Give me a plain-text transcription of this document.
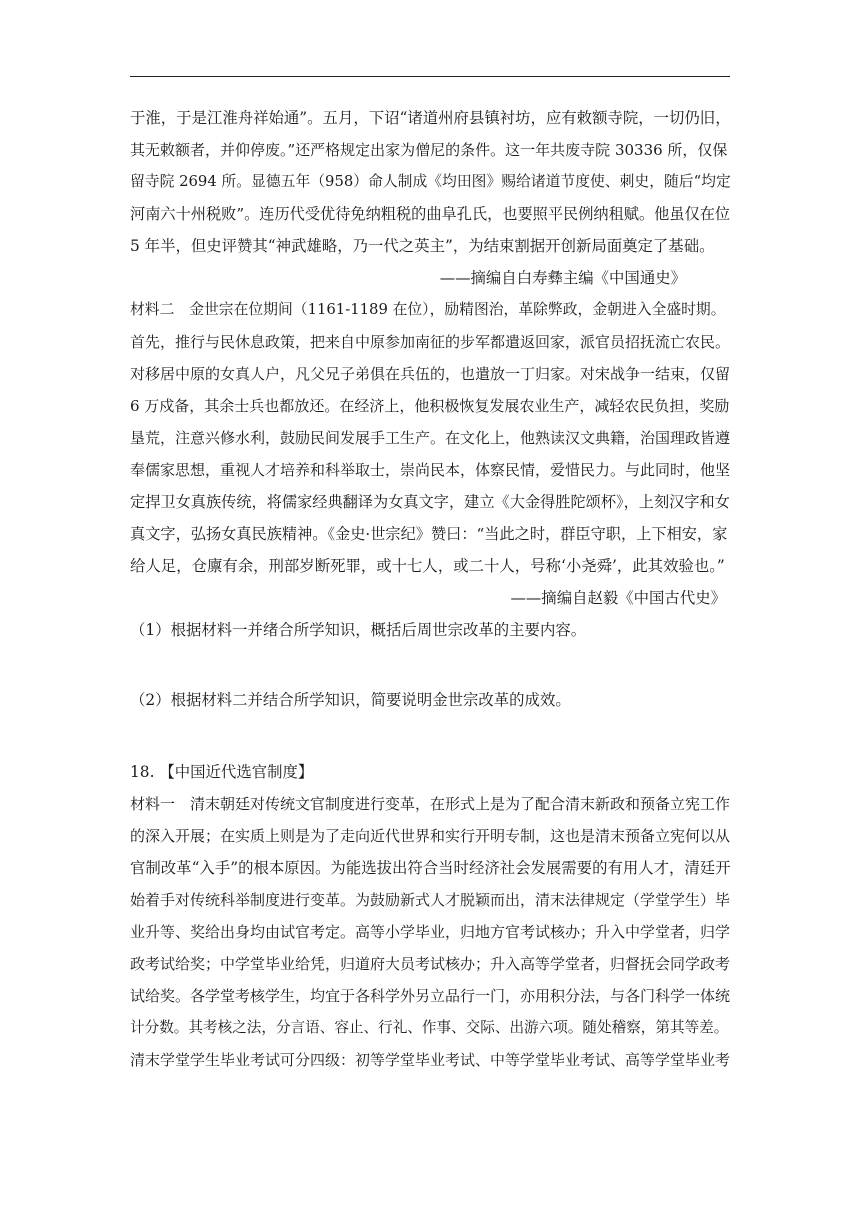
于淮，于是江淮舟祥始通”。五月，下诏“诸道州府县镇衬坊，应有敕额寺院，一切仍旧，
其无敕额者，并仰停废。”还严格规定出家为僧尼的条件。这一年共废寺院 30336 所，仅保
留寺院 2694 所。显德五年（958）命人制成《均田图》赐给诸道节度使、刺史，随后“均定
河南六十州税败”。连历代受优待免纳粗税的曲阜孔氏，也要照平民例纳租赋。他虽仅在位
5 年半，但史评赞其“神武雄略，乃一代之英主”，为结束割据开创新局面奠定了基础。
——摘编自白寿彝主编《中国通史》
材料二　金世宗在位期间（1161-1189 在位），励精图治，革除弊政，金朝进入全盛时期。
首先，推行与民休息政策，把来自中原参加南征的步军都遣返回家，派官员招抚流亡农民。
对移居中原的女真人户，凡父兄子弟俱在兵伍的，也遣放一丁归家。对宋战争一结束，仅留
6 万戍备，其余士兵也都放还。在经济上，他积极恢复发展农业生产，减轻农民负担，奖励
垦荒，注意兴修水利，鼓励民间发展手工生产。在文化上，他熟读汉文典籍，治国理政皆遵
奉儒家思想，重视人才培养和科举取士，崇尚民本，体察民情，爱惜民力。与此同时，他坚
定捍卫女真族传统，将儒家经典翻译为女真文字，建立《大金得胜陀颂杯》，上刻汉字和女
真文字，弘扬女真民族精神。《金史·世宗纪》赞曰：“当此之时，群臣守职，上下相安，家
给人足，仓廪有余，刑部岁断死罪，或十七人，或二十人，号称‘小尧舜’，此其效验也。”
——摘编自赵毅《中国古代史》
（1）根据材料一并绪合所学知识，概括后周世宗改革的主要内容。
（2）根据材料二并结合所学知识，简要说明金世宗改革的成效。
18. 【中国近代选官制度】
材料一　清末朝廷对传统文官制度进行变革，在形式上是为了配合清末新政和预备立宪工作
的深入开展；在实质上则是为了走向近代世界和实行开明专制，这也是清末预备立宪何以从
官制改革“入手”的根本原因。为能选拔出符合当时经济社会发展需要的有用人才，清廷开
始着手对传统科举制度进行变革。为鼓励新式人才脱颖而出，清末法律规定（学堂学生）毕
业升等、奖给出身均由试官考定。高等小学毕业，归地方官考试核办；升入中学堂者，归学
政考试给奖；中学堂毕业给凭，归道府大员考试核办；升入高等学堂者，归督抚会同学政考
试给奖。各学堂考核学生，均宜于各科学外另立品行一门，亦用积分法，与各门科学一体统
计分数。其考核之法，分言语、容止、行礼、作事、交际、出游六项。随处稽察，第其等差。
清末学堂学生毕业考试可分四级：初等学堂毕业考试、中等学堂毕业考试、高等学堂毕业考
